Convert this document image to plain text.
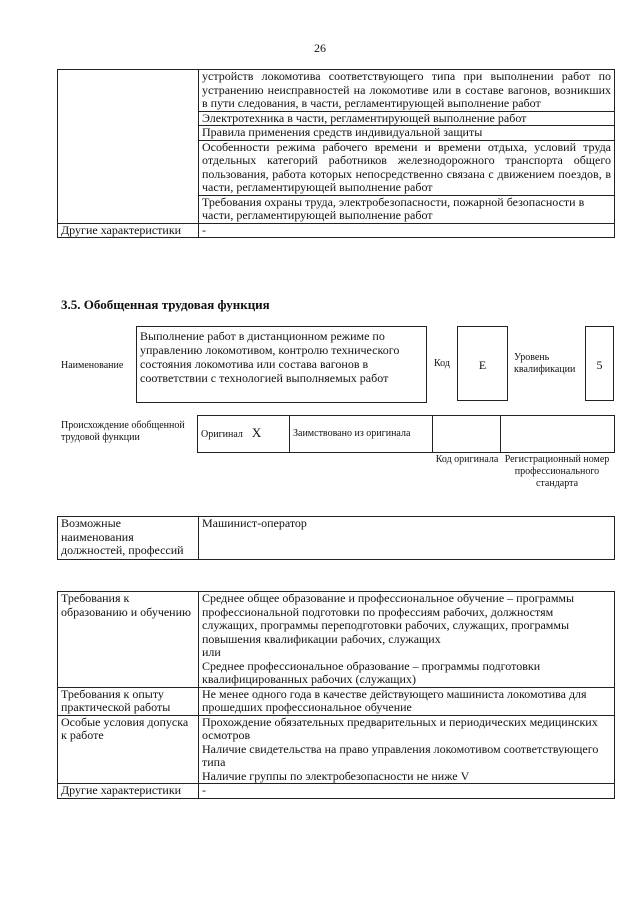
26
	устройств локомотива соответствующего типа при выполнении работ по устранению неисправностей на локомотиве или в составе вагонов, возникших в пути следования, в части, регламентирующей выполнение работ
	Электротехника в части, регламентирующей выполнение работ
	Правила применения средств индивидуальной защиты
	Особенности режима рабочего времени и времени отдыха, условий труда отдельных категорий работников железнодорожного транспорта общего пользования, работа которых непосредственно связана с движением поездов, в части, регламентирующей выполнение работ
	Требования охраны труда, электробезопасности, пожарной безопасности в части, регламентирующей выполнение работ
Другие характеристики	-
3.5. Обобщенная трудовая функция
Наименование
Выполнение работ в дистанционном режиме по управлению локомотивом, контролю технического состояния локомотива или состава вагонов в соответствии с технологией выполняемых работ
Код	E
Уровень квалификации	5
Происхождение обобщенной трудовой функции	Оригинал X	Заимствовано из оригинала		
Код оригинала Регистрационный номер профессионального стандарта
Возможные наименования должностей, профессий	Машинист-оператор
Требования к образованию и обучению	Среднее общее образование и профессиональное обучение – программы профессиональной подготовки по профессиям рабочих, должностям служащих, программы переподготовки рабочих, служащих, программы повышения квалификации рабочих, служащих
или
Среднее профессиональное образование – программы подготовки квалифицированных рабочих (служащих)

Требования к опыту практической работы	Не менее одного года в качестве действующего машиниста локомотива для прошедших профессиональное обучение

Особые условия допуска к работе	Прохождение обязательных предварительных и периодических медицинских осмотров
Наличие свидетельства на право управления локомотивом соответствующего типа
Наличие группы по электробезопасности не ниже V

Другие характеристики	-
